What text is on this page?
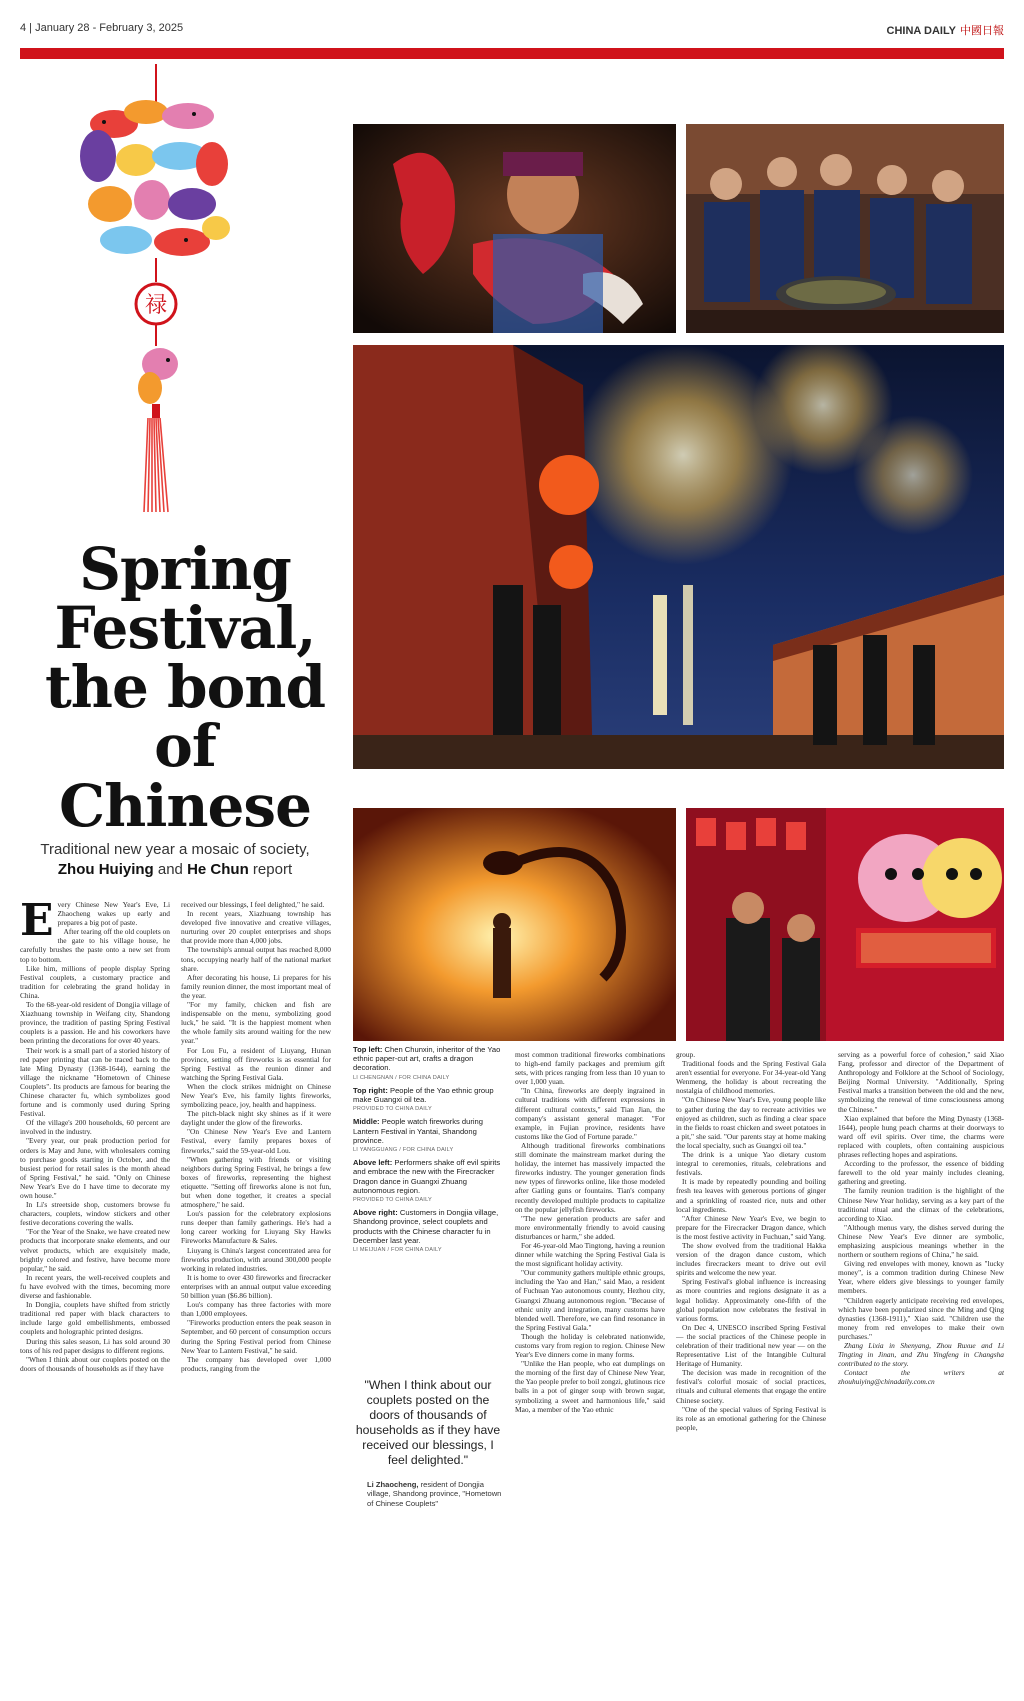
4 | January 28 - February 3, 2025	CHINA DAILY 中國日報
禄
Spring
Festival,
the bond
of Chinese
Traditional new year a mosaic of society,
Zhou Huiying and He Chun report

Every Chinese New Year's Eve, Li Zhaocheng wakes up early and prepares a big pot of paste.

After tearing off the old couplets on the gate to his village house, he carefully brushes the paste onto a new set from top to bottom.

Like him, millions of people display Spring Festival couplets, a customary practice and tradition for celebrating the grand holiday in China.

To the 68-year-old resident of Dongjia village of Xiazhuang township in Weifang city, Shandong province, the tradition of pasting Spring Festival couplets is a passion. He and his coworkers have been printing the decorations for over 40 years.

Their work is a small part of a storied history of red paper printing that can be traced back to the late Ming Dynasty (1368-1644), earning the village the nickname "Hometown of Chinese Couplets". Its products are famous for bearing the Chinese character fu, which symbolizes good fortune and is commonly used during Spring Festival.

Of the village's 200 households, 60 percent are involved in the industry.

"Every year, our peak production period for orders is May and June, with wholesalers coming to purchase goods starting in October, and the busiest period for retail sales is the month ahead of Spring Festival," he said. "Only on Chinese New Year's Eve do I have time to decorate my own house."

In Li's streetside shop, customers browse fu characters, couplets, window stickers and other festive decorations covering the walls.

"For the Year of the Snake, we have created new products that incorporate snake elements, and our velvet products, which are exquisitely made, brightly colored and festive, have become more popular," he said.

In recent years, the well-received couplets and fu have evolved with the times, becoming more diverse and fashionable.

In Dongjia, couplets have shifted from strictly traditional red paper with black characters to include large gold embellishments, embossed couplets and holographic printed designs.

During this sales season, Li has sold around 30 tons of his red paper designs to different regions.

"When I think about our couplets posted on the doors of thousands of households as if they have

received our blessings, I feel delighted," he said.

In recent years, Xiazhuang township has developed five innovative and creative villages, nurturing over 20 couplet enterprises and shops that provide more than 4,000 jobs.

The township's annual output has reached 8,000 tons, occupying nearly half of the national market share.

After decorating his house, Li prepares for his family reunion dinner, the most important meal of the year.

"For my family, chicken and fish are indispensable on the menu, symbolizing good luck," he said. "It is the happiest moment when the whole family sits around waiting for the new year."

For Lou Fu, a resident of Liuyang, Hunan province, setting off fireworks is as essential for Spring Festival as the reunion dinner and watching the Spring Festival Gala.

When the clock strikes midnight on Chinese New Year's Eve, his family lights fireworks, symbolizing peace, joy, health and happiness.

The pitch-black night sky shines as if it were daylight under the glow of the fireworks.

"On Chinese New Year's Eve and Lantern Festival, every family prepares boxes of fireworks," said the 59-year-old Lou.

"When gathering with friends or visiting neighbors during Spring Festival, he brings a few boxes of fireworks, representing the highest etiquette. "Setting off fireworks alone is not fun, but when done together, it creates a special atmosphere," he said.

Lou's passion for the celebratory explosions runs deeper than family gatherings. He's had a long career working for Liuyang Sky Hawks Fireworks Manufacture & Sales.

Liuyang is China's largest concentrated area for fireworks production, with around 300,000 people working in related industries.

It is home to over 430 fireworks and firecracker enterprises with an annual output value exceeding 50 billion yuan ($6.86 billion).

Lou's company has three factories with more than 1,000 employees.

"Fireworks production enters the peak season in September, and 60 percent of consumption occurs during the Spring Festival period from Chinese New Year to Lantern Festival," he said.

The company has developed over 1,000 products, ranging from the

Top left: Chen Chunxin, inheritor of the Yao ethnic paper-cut art, crafts a dragon decoration.
LI CHENGNAN / FOR CHINA DAILY
Top right: People of the Yao ethnic group make Guangxi oil tea.
PROVIDED TO CHINA DAILY
Middle: People watch fireworks during Lantern Festival in Yantai, Shandong province.
LI YANGGUANG / FOR CHINA DAILY
Above left: Performers shake off evil spirits and embrace the new with the Firecracker Dragon dance in Guangxi Zhuang autonomous region.
PROVIDED TO CHINA DAILY
Above right: Customers in Dongjia village, Shandong province, select couplets and products with the Chinese character fu in December last year.
LI MEIJUAN / FOR CHINA DAILY
"When I think about our couplets posted on the doors of thousands of households as if they have received our blessings, I feel delighted."
Li Zhaocheng, resident of Dongjia village, Shandong province, "Hometown of Chinese Couplets"

most common traditional fireworks combinations to high-end family packages and premium gift sets, with prices ranging from less than 10 yuan to over 1,000 yuan.

"In China, fireworks are deeply ingrained in cultural traditions with different expressions in different cultural contexts," said Tian Jian, the company's assistant general manager. "For example, in Fujian province, residents have customs like the God of Fortune parade."

Although traditional fireworks combinations still dominate the mainstream market during the holiday, the internet has massively impacted the fireworks industry. The younger generation finds new types of fireworks online, like those modeled after Gatling guns or fountains. Tian's company recently developed multiple products to capitalize on the popular jellyfish fireworks.

"The new generation products are safer and more environmentally friendly to avoid causing disturbances or harm," she added.

For 46-year-old Mao Tingtong, having a reunion dinner while watching the Spring Festival Gala is the most significant holiday activity.

"Our community gathers multiple ethnic groups, including the Yao and Han," said Mao, a resident of Fuchuan Yao autonomous county, Hezhou city, Guangxi Zhuang autonomous region. "Because of ethnic unity and integration, many customs have blended well. Therefore, we can find resonance in the Spring Festival Gala."

Though the holiday is celebrated nationwide, customs vary from region to region. Chinese New Year's Eve dinners come in many forms.

"Unlike the Han people, who eat dumplings on the morning of the first day of Chinese New Year, the Yao people prefer to boil zongzi, glutinous rice balls in a pot of ginger soup with brown sugar, symbolizing a sweet and harmonious life," said Mao, a member of the Yao ethnic

group.

Traditional foods and the Spring Festival Gala aren't essential for everyone. For 34-year-old Yang Wenmeng, the holiday is about recreating the nostalgia of childhood memories.

"On Chinese New Year's Eve, young people like to gather during the day to recreate activities we enjoyed as children, such as finding a clear space in the fields to roast chicken and sweet potatoes in a pit," she said. "Our parents stay at home making the local specialty, such as Guangxi oil tea."

The drink is a unique Yao dietary custom integral to ceremonies, rituals, celebrations and festivals.

It is made by repeatedly pounding and boiling fresh tea leaves with generous portions of ginger and a sprinkling of roasted rice, nuts and other local ingredients.

"After Chinese New Year's Eve, we begin to prepare for the Firecracker Dragon dance, which is the most festive activity in Fuchuan," said Yang.

The show evolved from the traditional Hakka version of the dragon dance custom, which includes firecrackers meant to drive out evil spirits and welcome the new year.

Spring Festival's global influence is increasing as more countries and regions designate it as a legal holiday. Approximately one-fifth of the global population now celebrates the festival in various forms.

On Dec 4, UNESCO inscribed Spring Festival — the social practices of the Chinese people in celebration of their traditional new year — on the Representative List of the Intangible Cultural Heritage of Humanity.

The decision was made in recognition of the festival's colorful mosaic of social practices, rituals and cultural elements that engage the entire Chinese society.

"One of the special values of Spring Festival is its role as an emotional gathering for the Chinese people,

serving as a powerful force of cohesion," said Xiao Fang, professor and director of the Department of Anthropology and Folklore at the School of Sociology, Beijing Normal University. "Additionally, Spring Festival marks a transition between the old and the new, symbolizing the renewal of time consciousness among the Chinese."

Xiao explained that before the Ming Dynasty (1368-1644), people hung peach charms at their doorways to ward off evil spirits. Over time, the charms were replaced with couplets, often containing auspicious phrases reflecting hopes and aspirations.

According to the professor, the essence of bidding farewell to the old year mainly includes cleaning, gathering and greeting.

The family reunion tradition is the highlight of the Chinese New Year holiday, serving as a key part of the traditional ritual and the climax of the celebrations, according to Xiao.

"Although menus vary, the dishes served during the Chinese New Year's Eve dinner are symbolic, emphasizing auspicious meanings whether in the northern or southern regions of China," he said.

Giving red envelopes with money, known as "lucky money", is a common tradition during Chinese New Year, where elders give blessings to younger family members.

"Children eagerly anticipate receiving red envelopes, which have been popularized since the Ming and Qing dynasties (1368-1911)," Xiao said. "Children use the money from red envelopes to make their own purchases."

Zhang Lixia in Shenyang, Zhou Ruxue and Li Tingting in Jinan, and Zhu Yingfeng in Changsha contributed to the story.

Contact the writers at zhouhuiying@chinadaily.com.cn
